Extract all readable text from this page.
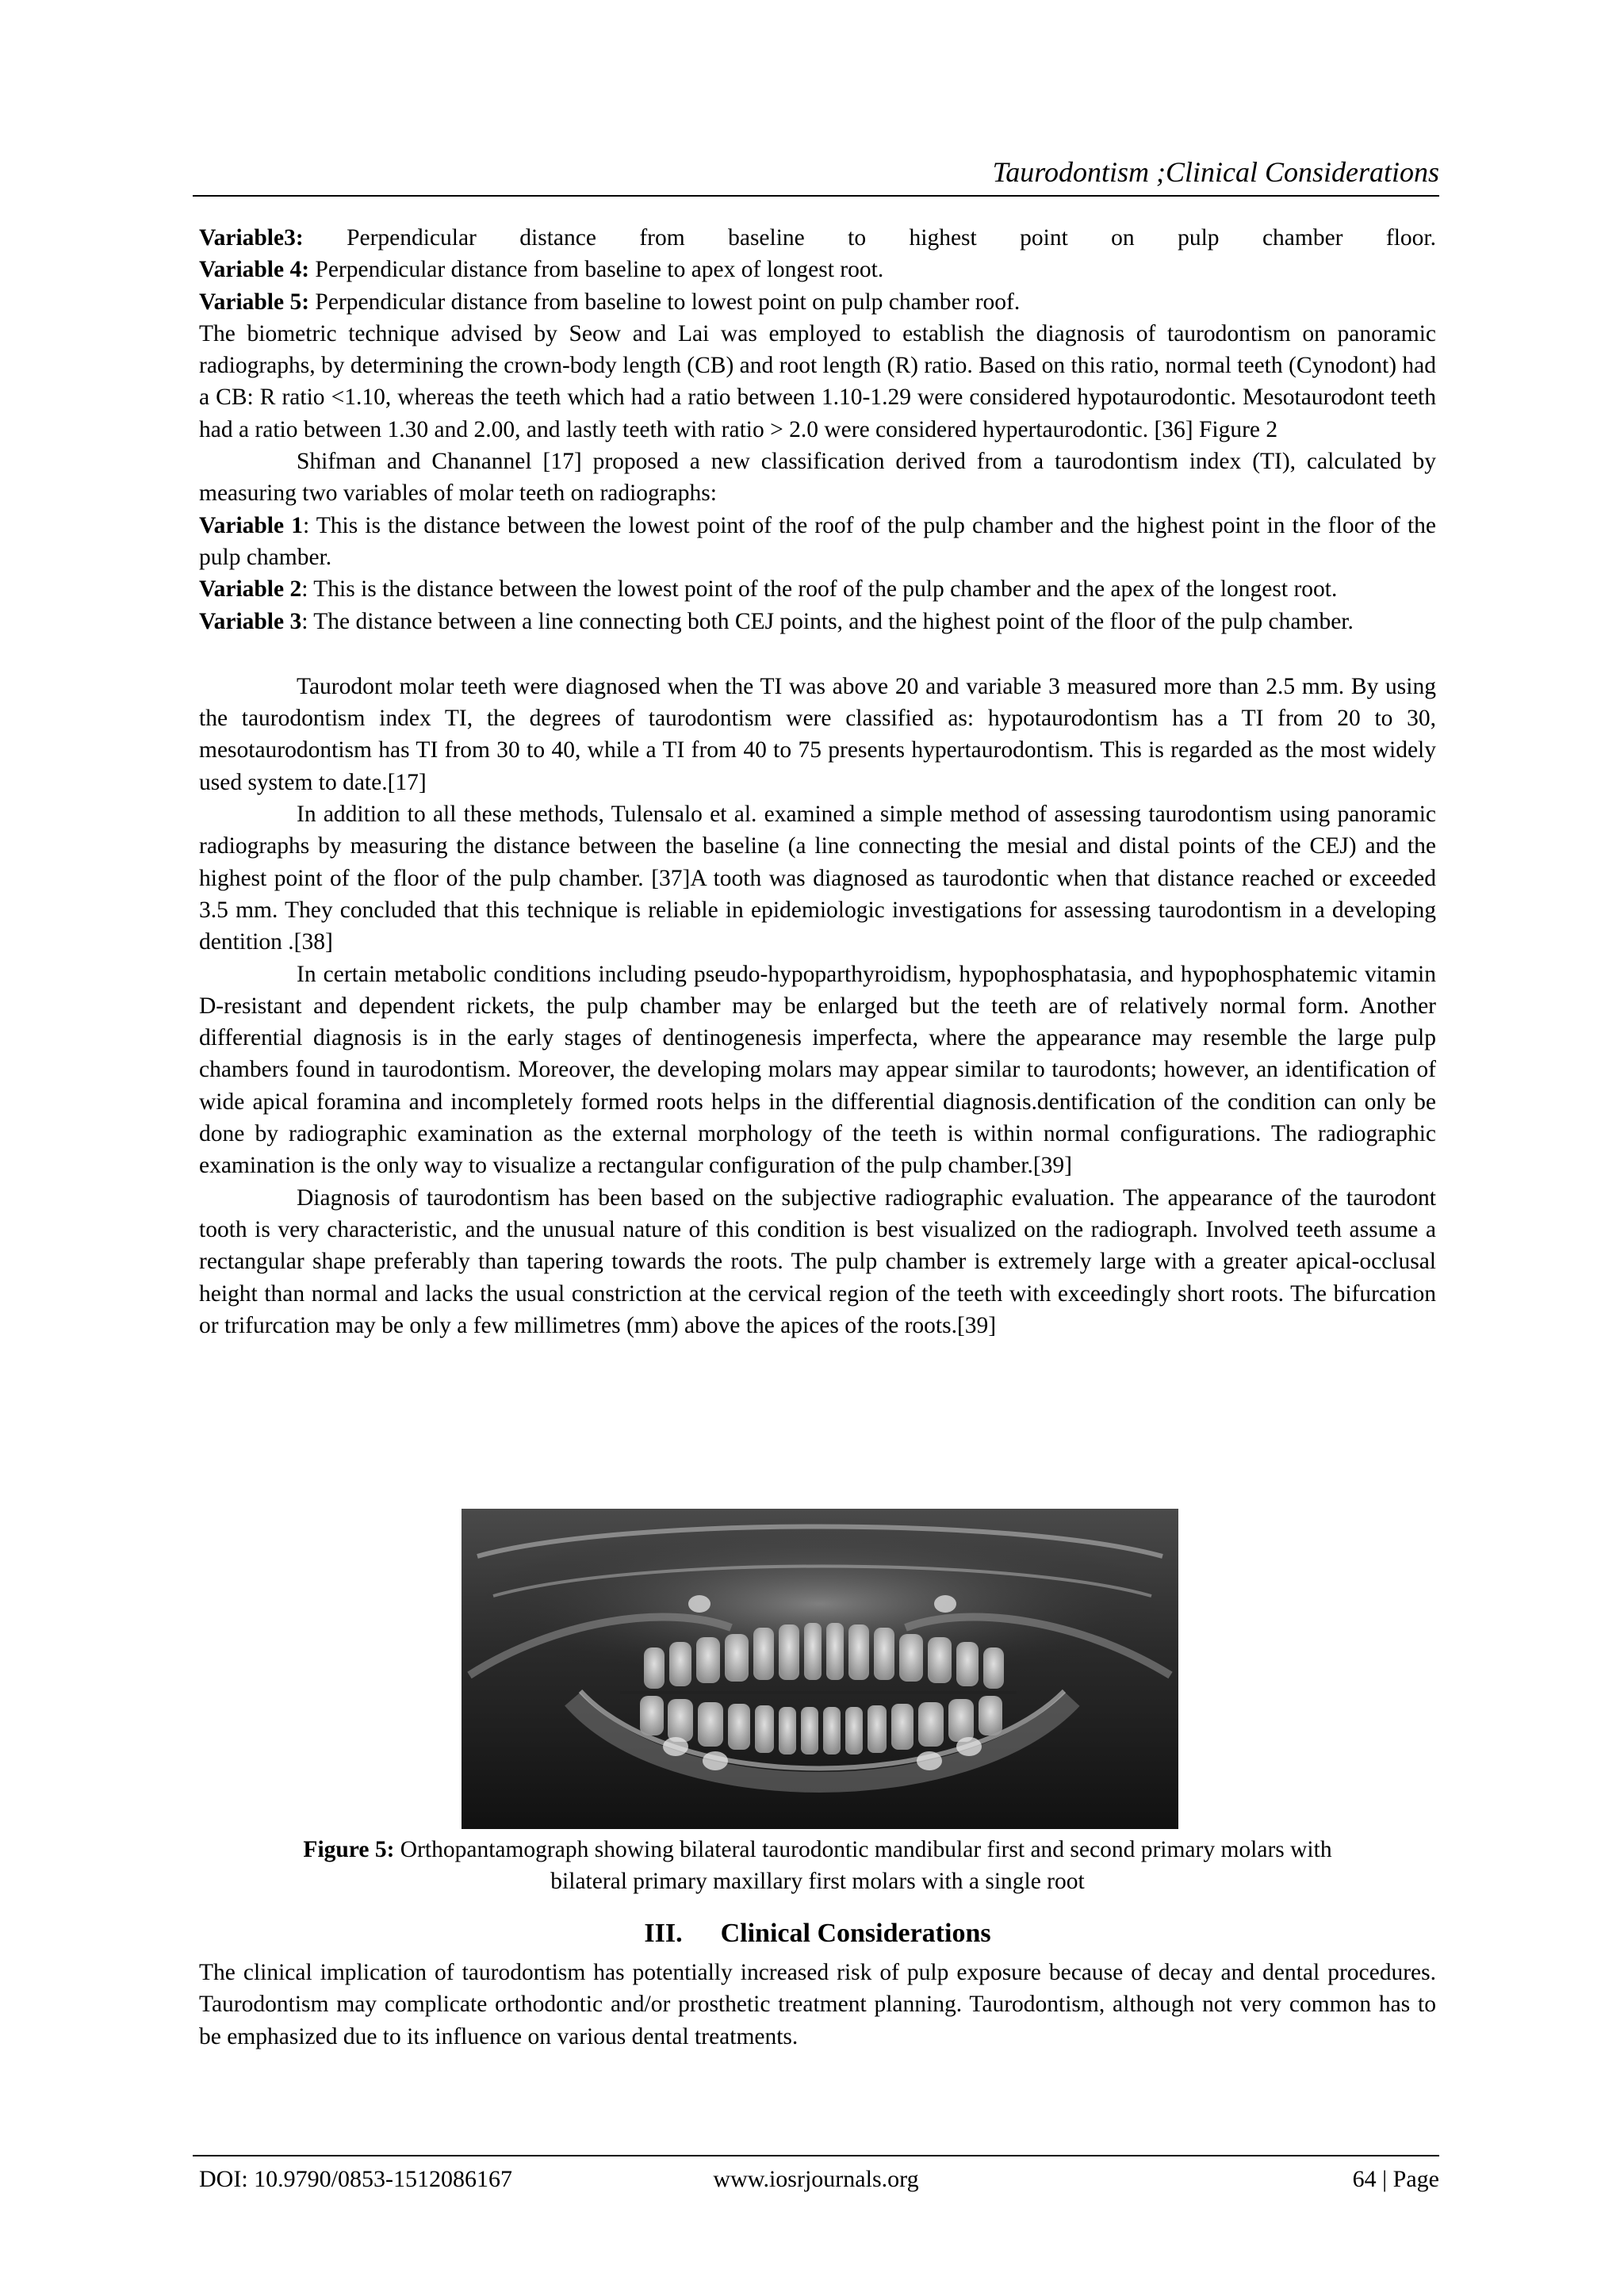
Taurodontism ;Clinical Considerations

Variable3: Perpendicular distance from baseline to highest point on pulp chamber floor.

Variable 4: Perpendicular distance from baseline to apex of longest root.

Variable 5: Perpendicular distance from baseline to lowest point on pulp chamber roof.

The biometric technique advised by Seow and Lai was employed to establish the diagnosis of taurodontism on panoramic radiographs, by determining the crown-body length (CB) and root length (R) ratio. Based on this ratio, normal teeth (Cynodont) had a CB: R ratio <1.10, whereas the teeth which had a ratio between 1.10-1.29 were considered hypotaurodontic. Mesotaurodont teeth had a ratio between 1.30 and 2.00, and lastly teeth with ratio > 2.0 were considered hypertaurodontic. [36] Figure 2

Shifman and Chanannel [17] proposed a new classification derived from a taurodontism index (TI), calculated by measuring two variables of molar teeth on radiographs:

Variable 1: This is the distance between the lowest point of the roof of the pulp chamber and the highest point in the floor of the pulp chamber.

Variable 2: This is the distance between the lowest point of the roof of the pulp chamber and the apex of the longest root.

Variable 3: The distance between a line connecting both CEJ points, and the highest point of the floor of the pulp chamber.

Taurodont molar teeth were diagnosed when the TI was above 20 and variable 3 measured more than 2.5 mm. By using the taurodontism index TI, the degrees of taurodontism were classified as: hypotaurodontism has a TI from 20 to 30, mesotaurodontism has TI from 30 to 40, while a TI from 40 to 75 presents hypertaurodontism. This is regarded as the most widely used system to date.[17]

In addition to all these methods, Tulensalo et al. examined a simple method of assessing taurodontism using panoramic radiographs by measuring the distance between the baseline (a line connecting the mesial and distal points of the CEJ) and the highest point of the floor of the pulp chamber. [37]A tooth was diagnosed as taurodontic when that distance reached or exceeded 3.5 mm. They concluded that this technique is reliable in epidemiologic investigations for assessing taurodontism in a developing dentition .[38]

In certain metabolic conditions including pseudo-hypoparthyroidism, hypophosphatasia, and hypophosphatemic vitamin D-resistant and dependent rickets, the pulp chamber may be enlarged but the teeth are of relatively normal form. Another differential diagnosis is in the early stages of dentinogenesis imperfecta, where the appearance may resemble the large pulp chambers found in taurodontism. Moreover, the developing molars may appear similar to taurodonts; however, an identification of wide apical foramina and incompletely formed roots helps in the differential diagnosis.dentification of the condition can only be done by radiographic examination as the external morphology of the teeth is within normal configurations. The radiographic examination is the only way to visualize a rectangular configuration of the pulp chamber.[39]

Diagnosis of taurodontism has been based on the subjective radiographic evaluation. The appearance of the taurodont tooth is very characteristic, and the unusual nature of this condition is best visualized on the radiograph. Involved teeth assume a rectangular shape preferably than tapering towards the roots. The pulp chamber is extremely large with a greater apical-occlusal height than normal and lacks the usual constriction at the cervical region of the teeth with exceedingly short roots. The bifurcation or trifurcation may be only a few millimetres (mm) above the apices of the roots.[39]

Figure 5: Orthopantamograph showing bilateral taurodontic mandibular first and second primary molars with
bilateral primary maxillary first molars with a single root
III. Clinical Considerations

The clinical implication of taurodontism has potentially increased risk of pulp exposure because of decay and dental procedures. Taurodontism may complicate orthodontic and/or prosthetic treatment planning. Taurodontism, although not very common has to be emphasized due to its influence on various dental treatments.

www.iosrjournals.org
DOI: 10.9790/0853-1512086167	64 | Page
